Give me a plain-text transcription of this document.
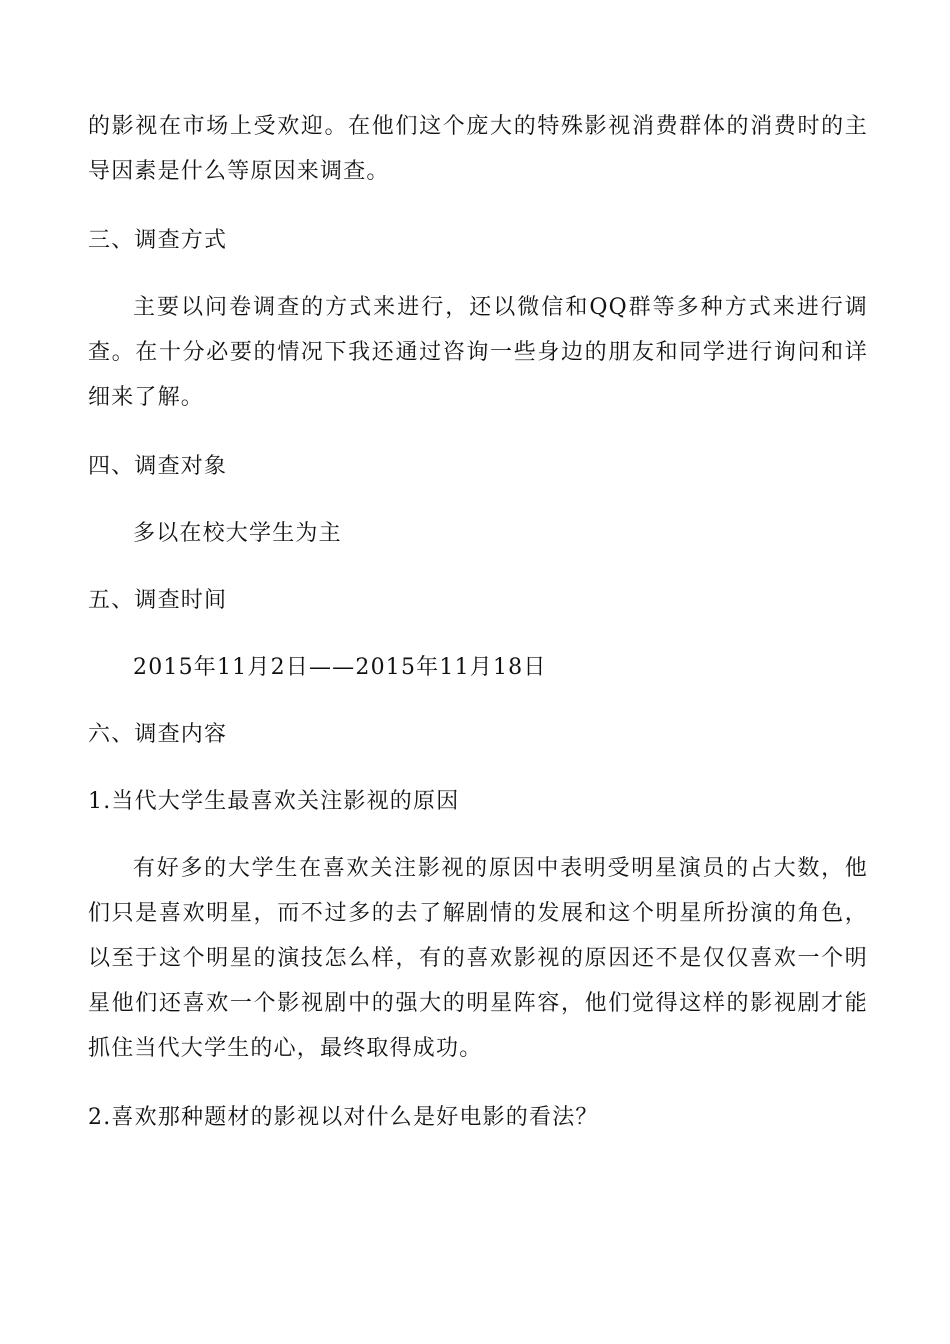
的影视在市场上受欢迎。在他们这个庞大的特殊影视消费群体的消费时的主导因素是什么等原因来调查。

三、调查方式

主要以问卷调查的方式来进行，还以微信和QQ群等多种方式来进行调查。在十分必要的情况下我还通过咨询一些身边的朋友和同学进行询问和详细来了解。

四、调查对象

多以在校大学生为主

五、调查时间

2015年11月2日——2015年11月18日

六、调查内容

1.当代大学生最喜欢关注影视的原因

有好多的大学生在喜欢关注影视的原因中表明受明星演员的占大数，他们只是喜欢明星，而不过多的去了解剧情的发展和这个明星所扮演的角色，以至于这个明星的演技怎么样，有的喜欢影视的原因还不是仅仅喜欢一个明星他们还喜欢一个影视剧中的强大的明星阵容，他们觉得这样的影视剧才能抓住当代大学生的心，最终取得成功。

2.喜欢那种题材的影视以对什么是好电影的看法？
